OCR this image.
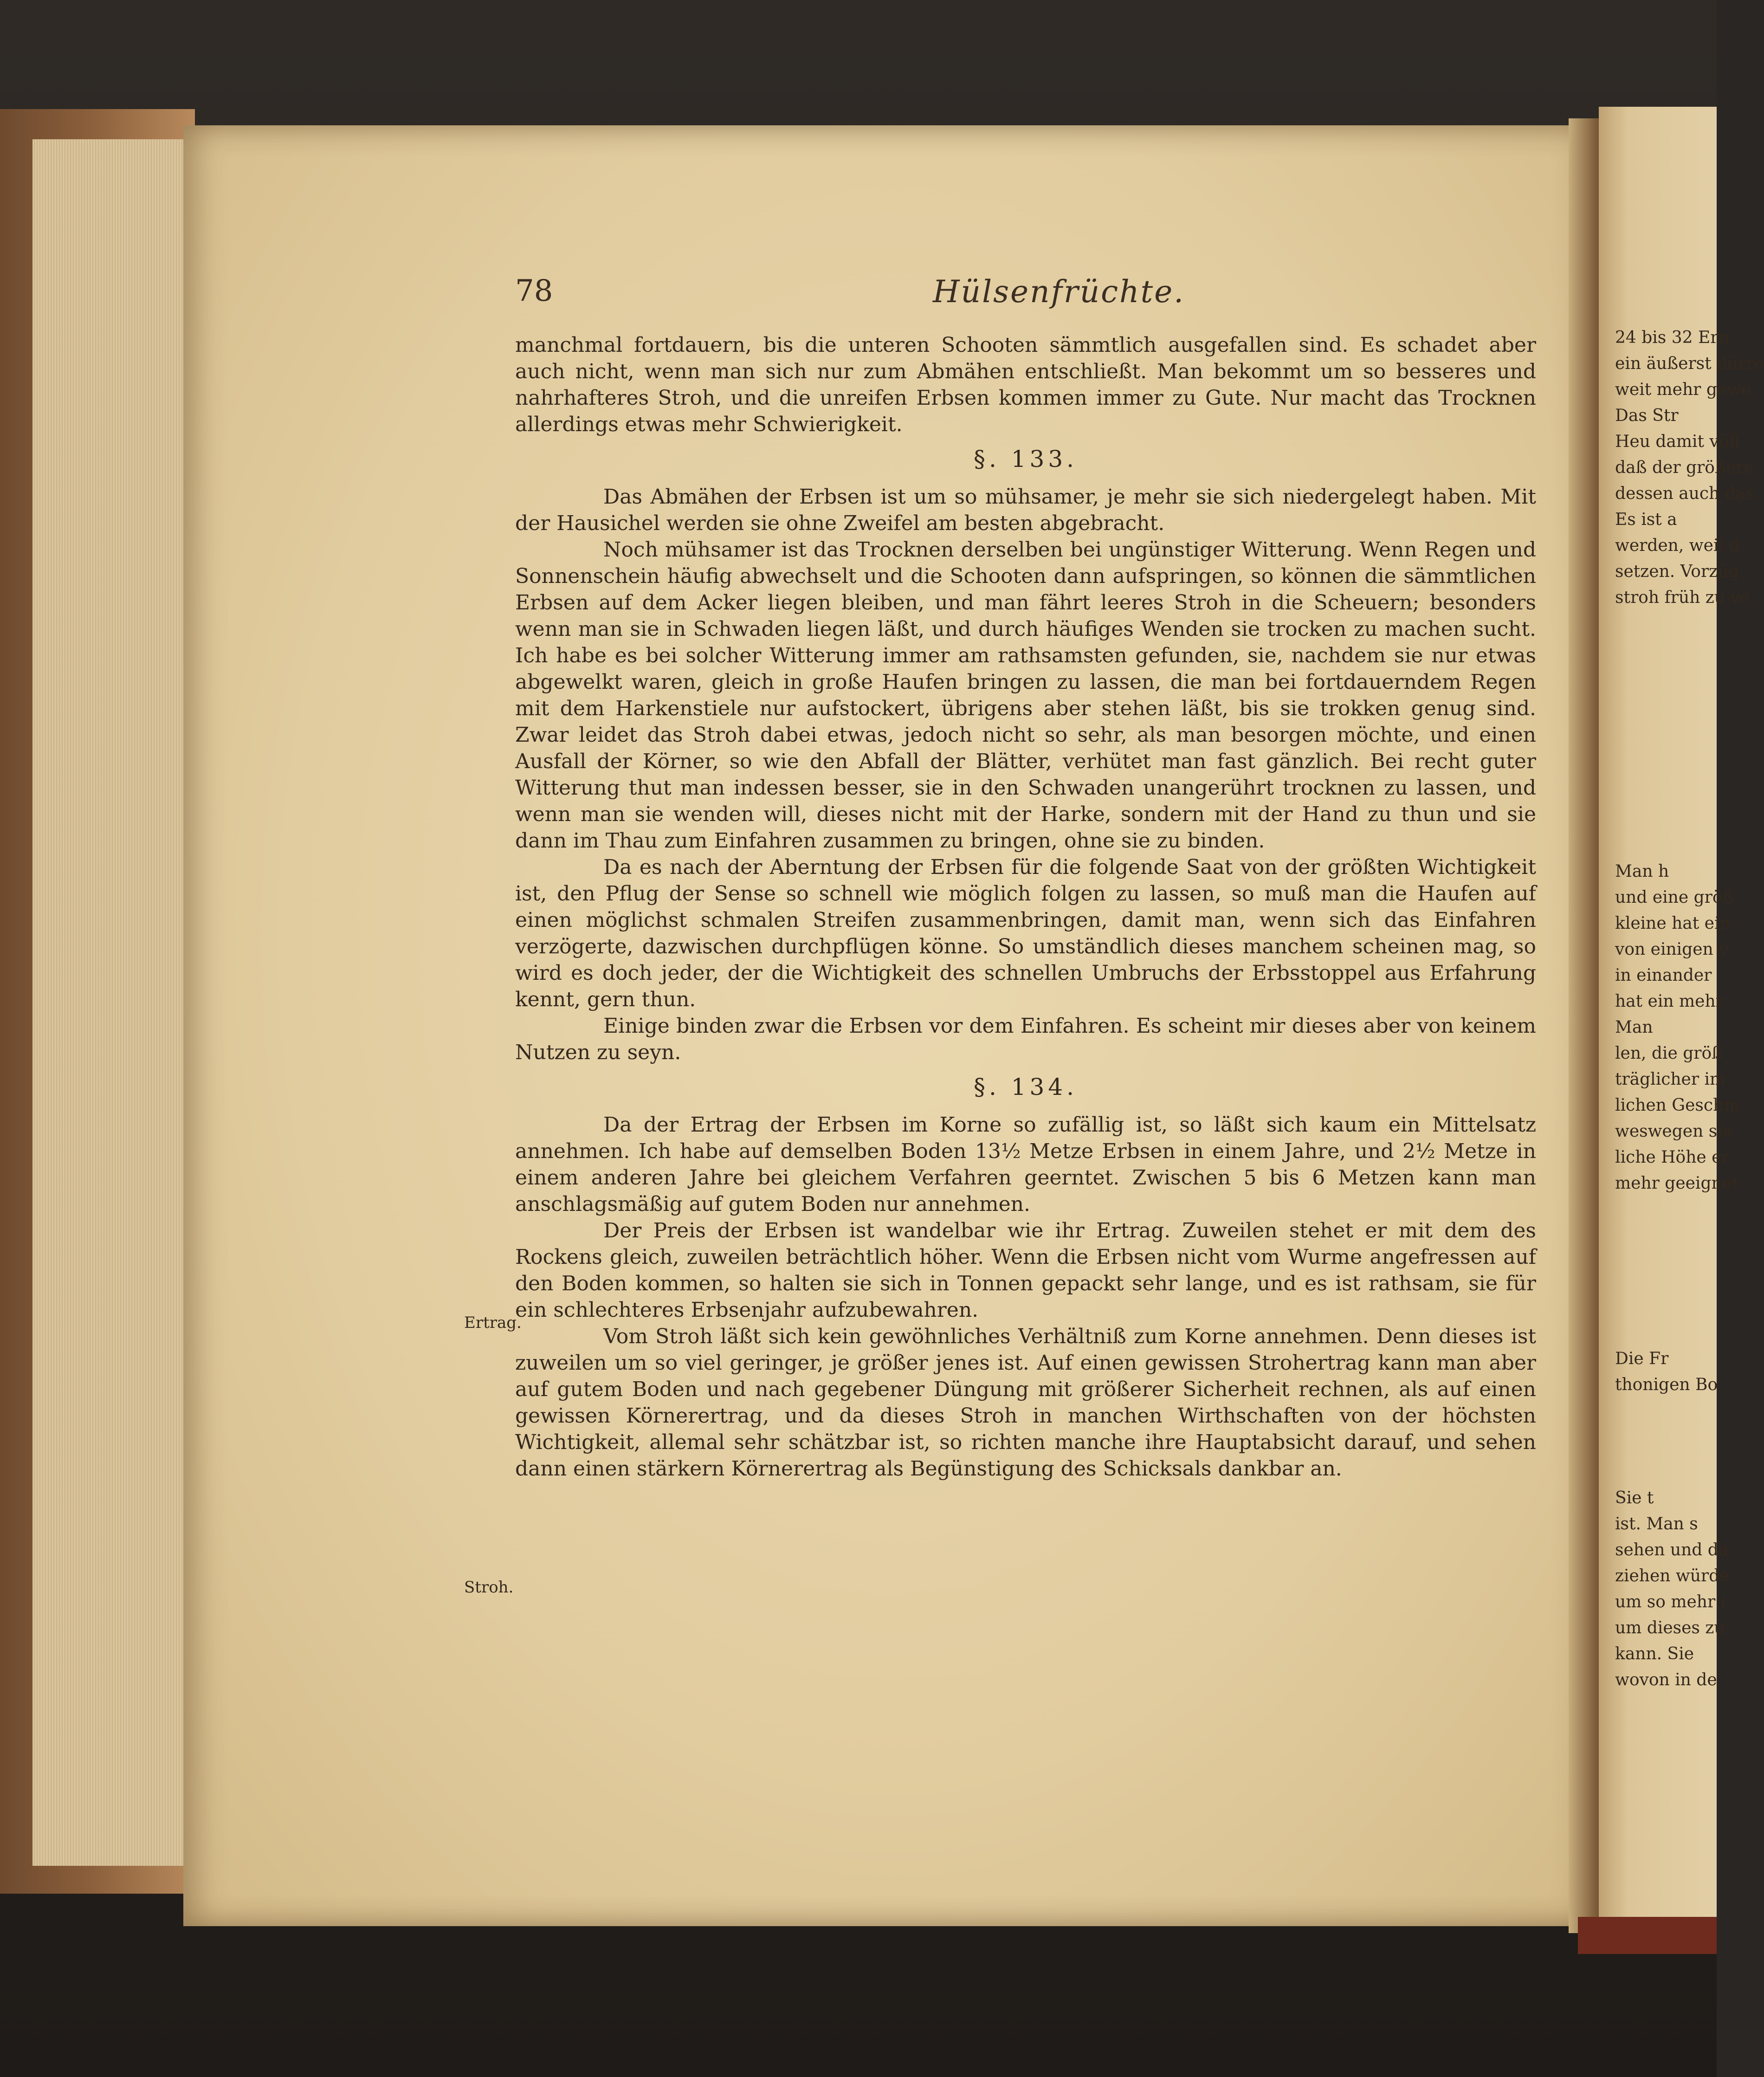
78	Hülsenfrüchte.

manchmal fortdauern, bis die unteren Schooten sämmtlich ausgefallen sind. Es schadet aber auch nicht, wenn man sich nur zum Abmähen entschließt. Man bekommt um so besseres und nahrhafteres Stroh, und die unreifen Erbsen kommen immer zu Gute. Nur macht das Trocknen allerdings etwas mehr Schwierigkeit.

§. 133.

Das Abmähen der Erbsen ist um so mühsamer, je mehr sie sich niedergelegt haben. Mit der Hausichel werden sie ohne Zweifel am besten abgebracht.

Noch mühsamer ist das Trocknen derselben bei ungünstiger Witterung. Wenn Regen und Sonnenschein häufig abwechselt und die Schooten dann aufspringen, so können die sämmtlichen Erbsen auf dem Acker liegen bleiben, und man fährt leeres Stroh in die Scheuern; besonders wenn man sie in Schwaden liegen läßt, und durch häufiges Wenden sie trocken zu machen sucht. Ich habe es bei solcher Witterung immer am rathsamsten gefunden, sie, nachdem sie nur etwas abgewelkt waren, gleich in große Haufen bringen zu lassen, die man bei fortdauerndem Regen mit dem Harkenstiele nur aufstockert, übrigens aber stehen läßt, bis sie trokken genug sind. Zwar leidet das Stroh dabei etwas, jedoch nicht so sehr, als man besorgen möchte, und einen Ausfall der Körner, so wie den Abfall der Blätter, verhütet man fast gänzlich. Bei recht guter Witterung thut man indessen besser, sie in den Schwaden unangerührt trocknen zu lassen, und wenn man sie wenden will, dieses nicht mit der Harke, sondern mit der Hand zu thun und sie dann im Thau zum Einfahren zusammen zu bringen, ohne sie zu binden.

Da es nach der Aberntung der Erbsen für die folgende Saat von der größten Wichtigkeit ist, den Pflug der Sense so schnell wie möglich folgen zu lassen, so muß man die Haufen auf einen möglichst schmalen Streifen zusammenbringen, damit man, wenn sich das Einfahren verzögerte, dazwischen durchpflügen könne. So umständlich dieses manchem scheinen mag, so wird es doch jeder, der die Wichtigkeit des schnellen Umbruchs der Erbsstoppel aus Erfahrung kennt, gern thun.

Einige binden zwar die Erbsen vor dem Einfahren. Es scheint mir dieses aber von keinem Nutzen zu seyn.

§. 134.

Da der Ertrag der Erbsen im Korne so zufällig ist, so läßt sich kaum ein Mittelsatz annehmen. Ich habe auf demselben Boden 13½ Metze Erbsen in einem Jahre, und 2½ Metze in einem anderen Jahre bei gleichem Verfahren geerntet. Zwischen 5 bis 6 Metzen kann man anschlagsmäßig auf gutem Boden nur annehmen.

Der Preis der Erbsen ist wandelbar wie ihr Ertrag. Zuweilen stehet er mit dem des Rockens gleich, zuweilen beträchtlich höher. Wenn die Erbsen nicht vom Wurme angefressen auf den Boden kommen, so halten sie sich in Tonnen gepackt sehr lange, und es ist rathsam, sie für ein schlechteres Erbsenjahr aufzubewahren.

Vom Stroh läßt sich kein gewöhnliches Verhältniß zum Korne annehmen. Denn dieses ist zuweilen um so viel geringer, je größer jenes ist. Auf einen gewissen Strohertrag kann man aber auf gutem Boden und nach gegebener Düngung mit größerer Sicherheit rechnen, als auf einen gewissen Körnerertrag, und da dieses Stroh in manchen Wirthschaften von der höchsten Wichtigkeit, allemal sehr schätzbar ist, so richten manche ihre Hauptabsicht darauf, und sehen dann einen stärkern Körnerertrag als Begünstigung des Schicksals dankbar an.

Ertrag.
Stroh.

24 bis 32 Ern

ein äußerst dürre

weit mehr gewe

Das Str

Heu damit völl

daß der größere

dessen auch das

Es ist a

werden, weil d

setzen. Vorzüg

stroh früh zu ve

Man h

und eine größ

kleine hat ein

von einigen v

in einander

hat ein mehr

Man

len, die größ

träglicher im

lichen Geschm

weswegen sie

liche Höhe er

mehr geeignet

Die Fr

thonigen Bo

Sie t

ist. Man s

sehen und da

ziehen würde

um so mehr i

um dieses zu

kann. Sie

wovon in de
